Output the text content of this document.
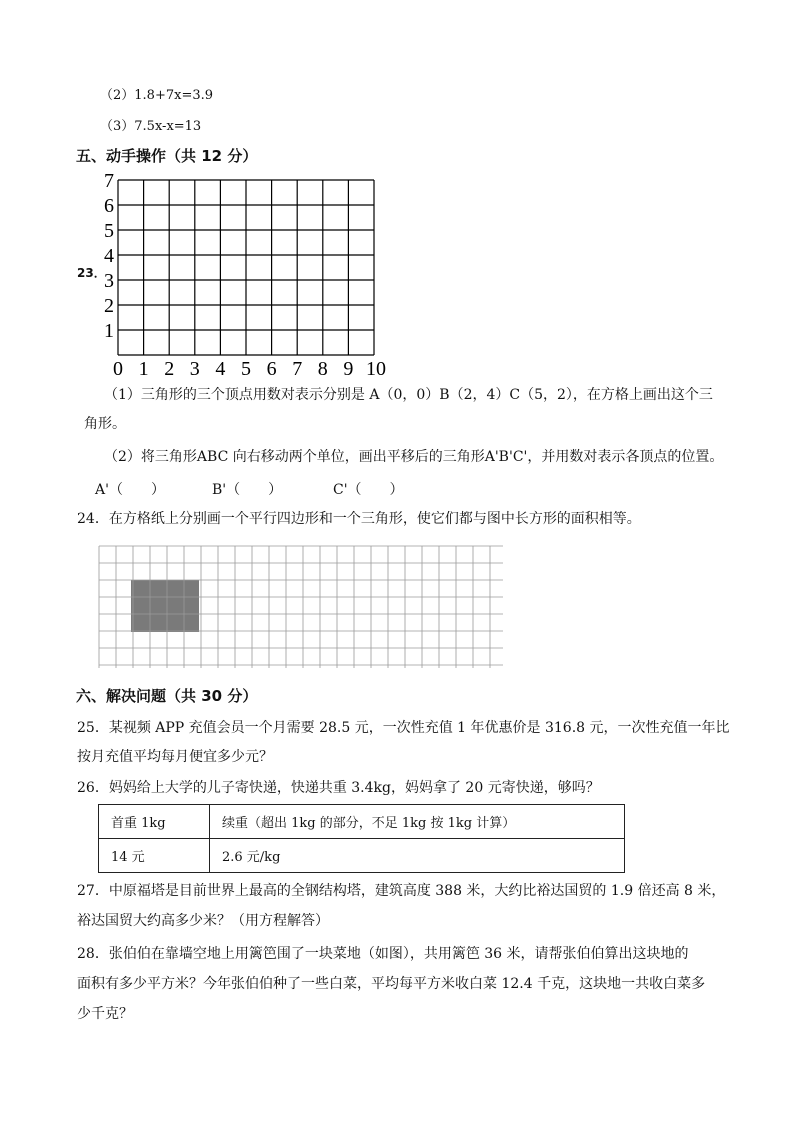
（2）1.8+7x=3.9
（3）7.5x-x=13
五、动手操作（共 12 分）
23．
0 1 2 3 4 5 6 7 8 9 10
1
2
3
4
5
6
7
（1）三角形的三个顶点用数对表示分别是 A（0，0）B（2，4）C（5，2），在方格上画出这个三
角形。
（2）将三角形ABC 向右移动两个单位，画出平移后的三角形A'B'C'，并用数对表示各顶点的位置。
A'（　　）	B'（　　）	C'（　　）
24．在方格纸上分别画一个平行四边形和一个三角形，使它们都与图中长方形的面积相等。
六、解决问题（共 30 分）
25．某视频 APP 充值会员一个月需要 28.5 元，一次性充值 1 年优惠价是 316.8 元，一次性充值一年比
按月充值平均每月便宜多少元？
26．妈妈给上大学的儿子寄快递，快递共重 3.4kg，妈妈拿了 20 元寄快递，够吗？
首重 1kg	续重（超出 1kg 的部分，不足 1kg 按 1kg 计算）
14 元	2.6 元/kg
27．中原福塔是目前世界上最高的全钢结构塔，建筑高度 388 米，大约比裕达国贸的 1.9 倍还高 8 米，
裕达国贸大约高多少米？（用方程解答）
28．张伯伯在靠墙空地上用篱笆围了一块菜地（如图），共用篱笆 36 米，请帮张伯伯算出这块地的
面积有多少平方米？今年张伯伯种了一些白菜，平均每平方米收白菜 12.4 千克，这块地一共收白菜多
少千克？
